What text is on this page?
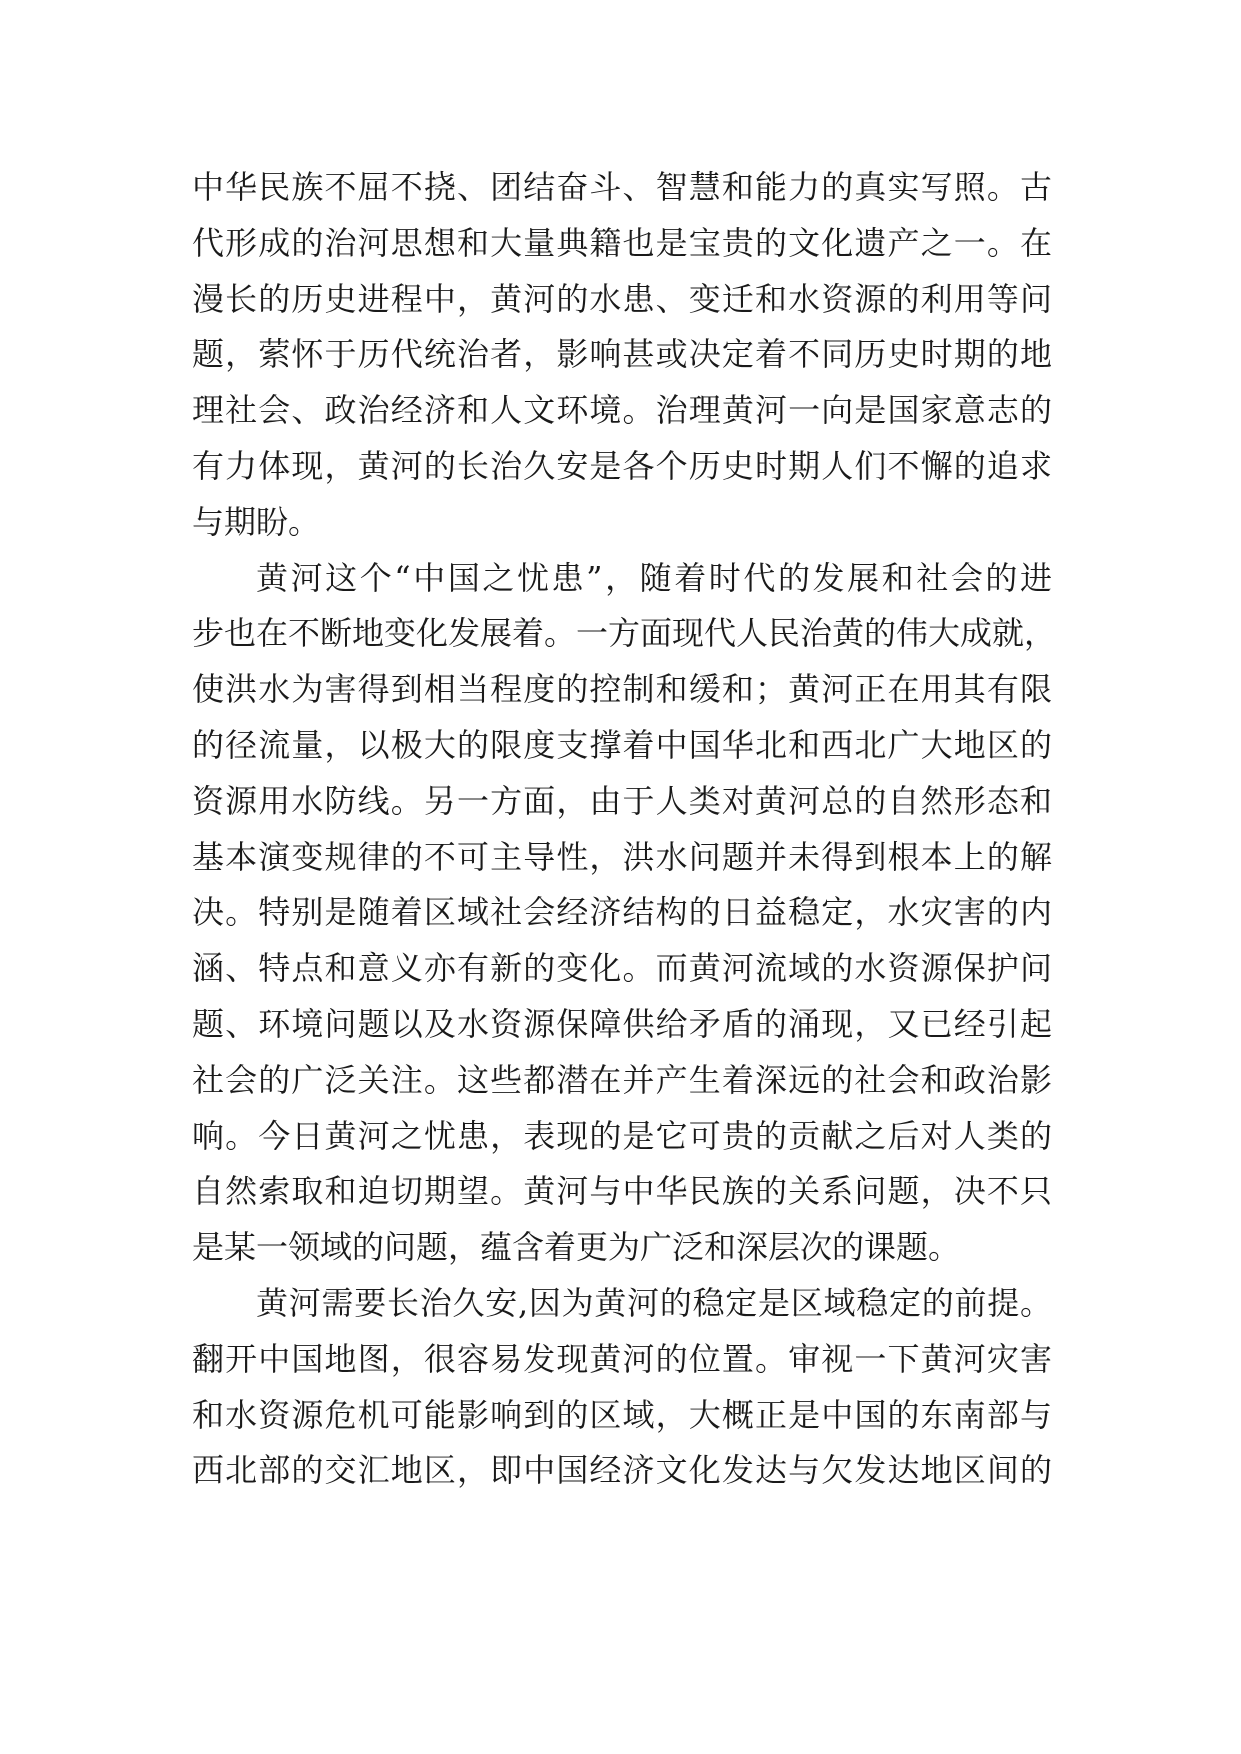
中华民族不屈不挠、团结奋斗、智慧和能力的真实写照。古
代形成的治河思想和大量典籍也是宝贵的文化遗产之一。在
漫长的历史进程中，黄河的水患、变迁和水资源的利用等问
题，萦怀于历代统治者，影响甚或决定着不同历史时期的地
理社会、政治经济和人文环境。治理黄河一向是国家意志的
有力体现，黄河的长治久安是各个历史时期人们不懈的追求
与期盼。
黄河这个“中国之忧患”，随着时代的发展和社会的进
步也在不断地变化发展着。一方面现代人民治黄的伟大成就，
使洪水为害得到相当程度的控制和缓和；黄河正在用其有限
的径流量，以极大的限度支撑着中国华北和西北广大地区的
资源用水防线。另一方面，由于人类对黄河总的自然形态和
基本演变规律的不可主导性，洪水问题并未得到根本上的解
决。特别是随着区域社会经济结构的日益稳定，水灾害的内
涵、特点和意义亦有新的变化。而黄河流域的水资源保护问
题、环境问题以及水资源保障供给矛盾的涌现，又已经引起
社会的广泛关注。这些都潜在并产生着深远的社会和政治影
响。今日黄河之忧患，表现的是它可贵的贡献之后对人类的
自然索取和迫切期望。黄河与中华民族的关系问题，决不只
是某一领域的问题，蕴含着更为广泛和深层次的课题。
黄河需要长治久安,因为黄河的稳定是区域稳定的前提。
翻开中国地图，很容易发现黄河的位置。审视一下黄河灾害
和水资源危机可能影响到的区域，大概正是中国的东南部与
西北部的交汇地区，即中国经济文化发达与欠发达地区间的
